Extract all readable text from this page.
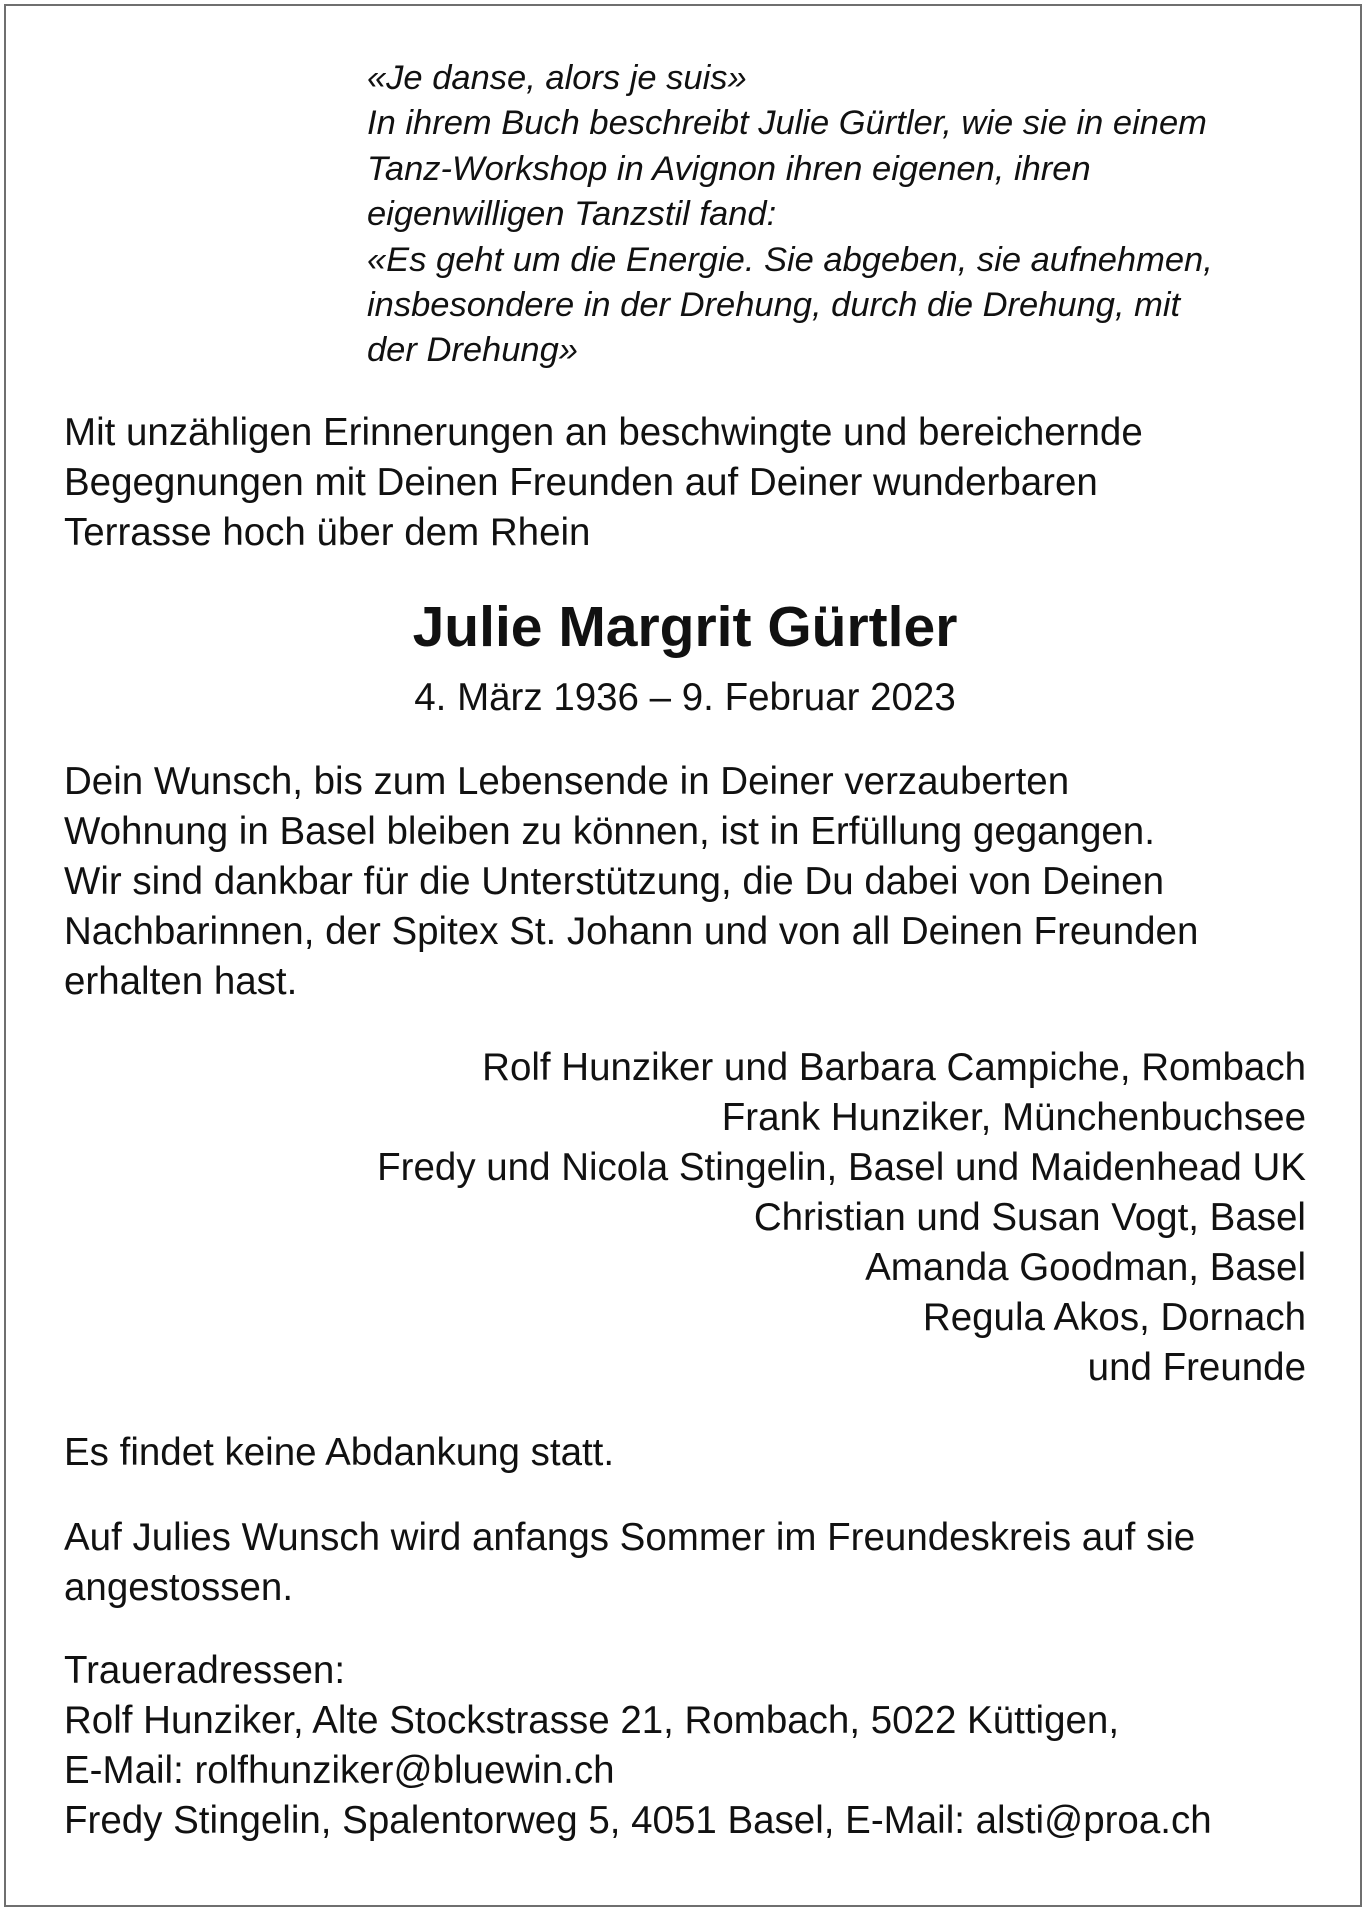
«Je danse, alors je suis»
In ihrem Buch beschreibt Julie Gürtler, wie sie in einem
Tanz-Workshop in Avignon ihren eigenen, ihren
eigenwilligen Tanzstil fand:
«Es geht um die Energie. Sie abgeben, sie aufnehmen,
insbesondere in der Drehung, durch die Drehung, mit
der Drehung»
Mit unzähligen Erinnerungen an beschwingte und bereichernde
Begegnungen mit Deinen Freunden auf Deiner wunderbaren
Terrasse hoch über dem Rhein
Julie Margrit Gürtler
4. März 1936 – 9. Februar 2023
Dein Wunsch, bis zum Lebensende in Deiner verzauberten
Wohnung in Basel bleiben zu können, ist in Erfüllung gegangen.
Wir sind dankbar für die Unterstützung, die Du dabei von Deinen
Nachbarinnen, der Spitex St. Johann und von all Deinen Freunden
erhalten hast.
Rolf Hunziker und Barbara Campiche, Rombach
Frank Hunziker, Münchenbuchsee
Fredy und Nicola Stingelin, Basel und Maidenhead UK
Christian und Susan Vogt, Basel
Amanda Goodman, Basel
Regula Akos, Dornach
und Freunde
Es findet keine Abdankung statt.
Auf Julies Wunsch wird anfangs Sommer im Freundeskreis auf sie
angestossen.
Traueradressen:
Rolf Hunziker, Alte Stockstrasse 21, Rombach, 5022 Küttigen,
E-Mail: rolfhunziker@bluewin.ch
Fredy Stingelin, Spalentorweg 5, 4051 Basel, E-Mail: alsti@proa.ch
